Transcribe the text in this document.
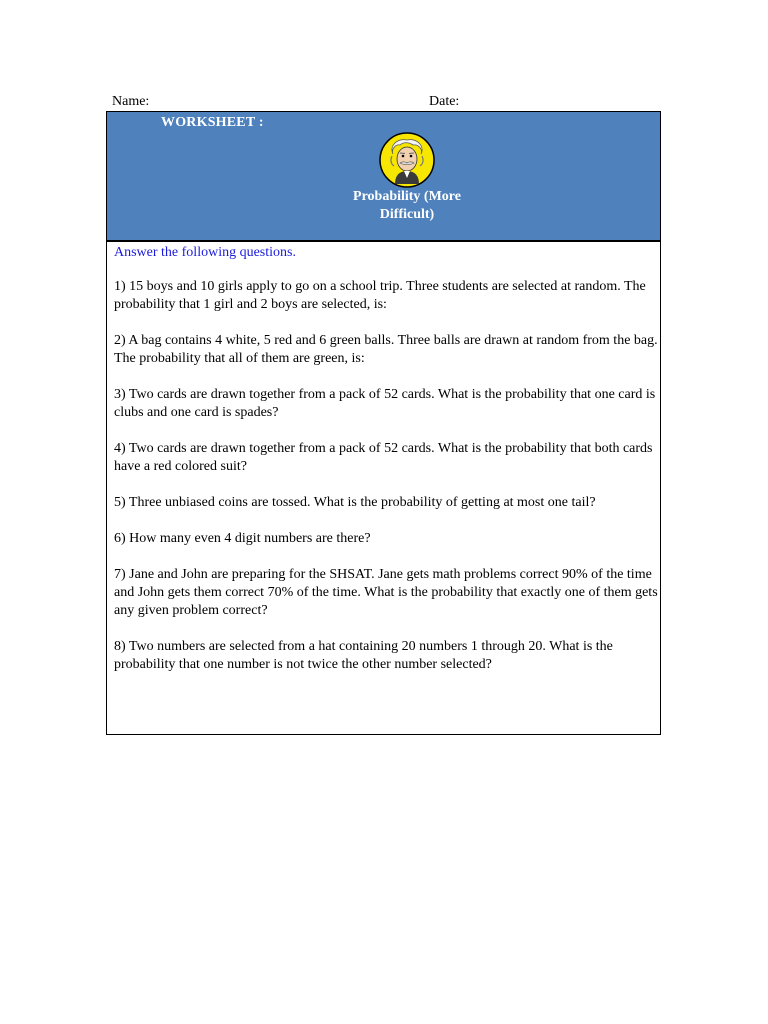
Name:	Date:
WORKSHEET :
Probability (More Difficult)
Answer the following questions.
1) 15 boys and 10 girls apply to go on a school trip. Three students are selected at random. The probability that 1 girl and 2 boys are selected, is:
2) A bag contains 4 white, 5 red and 6 green balls. Three balls are drawn at random from the bag. The probability that all of them are green, is:
3) Two cards are drawn together from a pack of 52 cards. What is the probability that one card is clubs and one card is spades?
4) Two cards are drawn together from a pack of 52 cards. What is the probability that both cards have a red colored suit?
5) Three unbiased coins are tossed. What is the probability of getting at most one tail?
6) How many even 4 digit numbers are there?
7) Jane and John are preparing for the SHSAT. Jane gets math problems correct 90% of the time and John gets them correct 70% of the time. What is the probability that exactly one of them gets any given problem correct?
8) Two numbers are selected from a hat containing 20 numbers 1 through 20. What is the probability that one number is not twice the other number selected?
